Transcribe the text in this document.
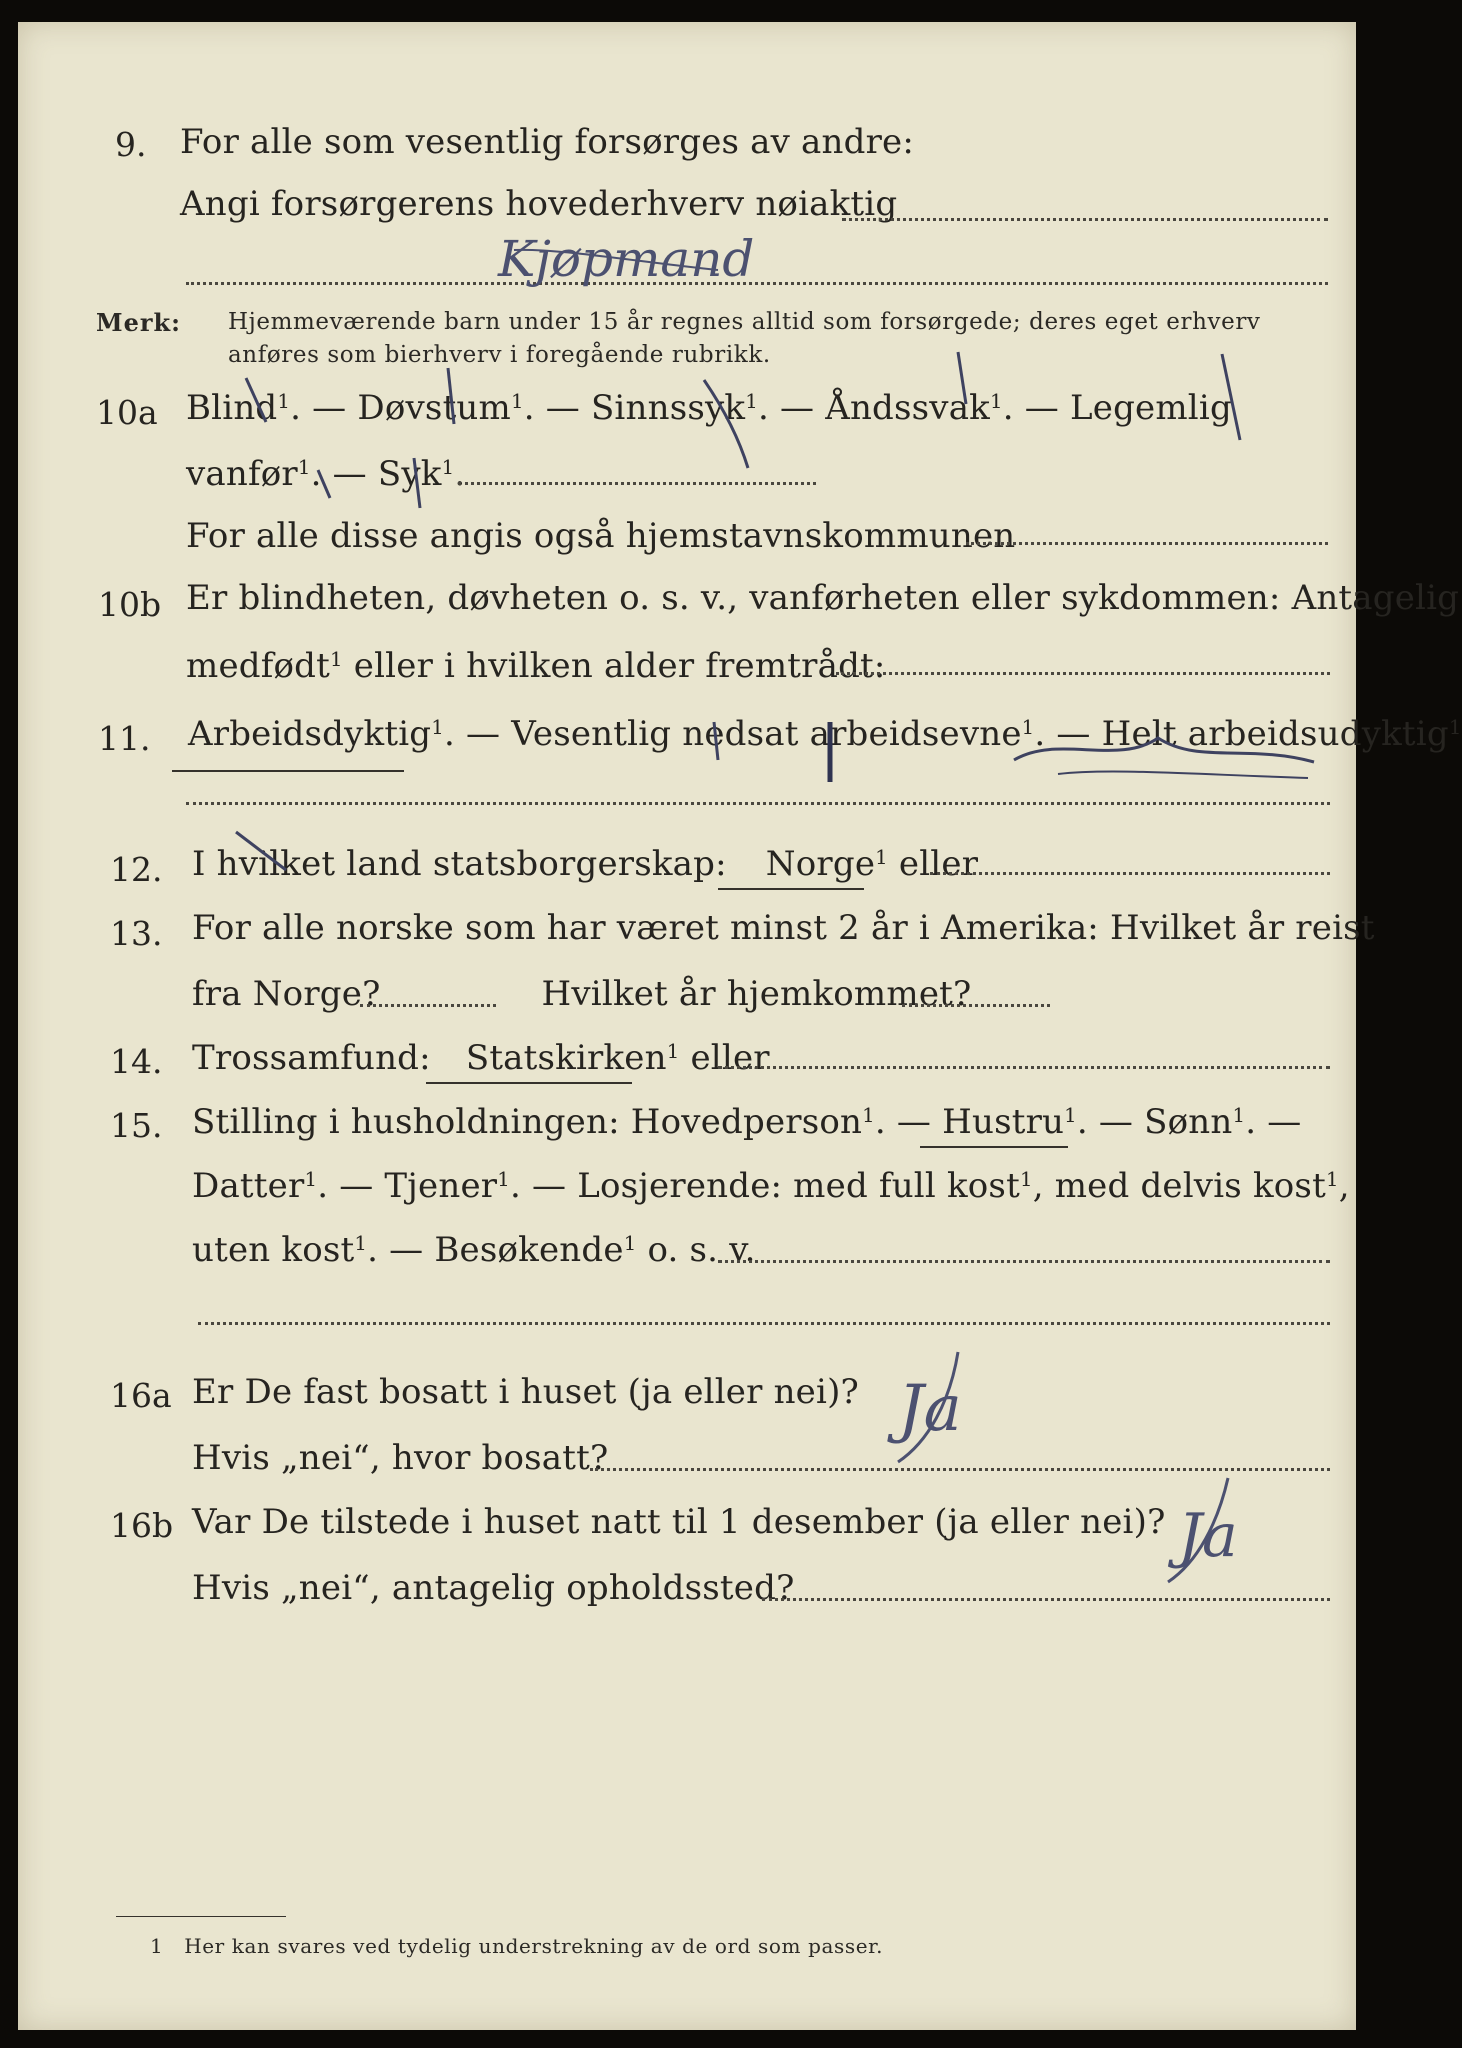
9. For alle som vesentlig forsørges av andre:
Angi forsørgerens hovederhverv nøiaktig
Merk: Hjemmeværende barn under 15 år regnes alltid som forsørgede; deres eget erhverv
anføres som bierhverv i foregående rubrikk.
10a Blind$^1$. — Døvstum$^1$. — Sinnssyk$^1$. — Åndssvak$^1$. — Legemlig
vanfør$^1$. — Syk$^1$.
For alle disse angis også hjemstavnskommunen
10b Er blindheten, døvheten o. s. v., vanførheten eller sykdommen: Antagelig
medfødt$^1$ eller i hvilken alder fremtrådt:
11. Arbeidsdyktig$^1$. — Vesentlig nedsat arbeidsevne$^1$. — Helt arbeidsudyktig$^1$
12. I hvilket land statsborgerskap: Norge$^1$ eller
13. For alle norske som har været minst 2 år i Amerika: Hvilket år reist
fra Norge?	Hvilket år hjemkommet?
14. Trossamfund: Statskirken$^1$ eller
15. Stilling i husholdningen: Hovedperson$^1$. — Hustru$^1$. — Sønn$^1$. —
Datter$^1$. — Tjener$^1$. — Losjerende: med full kost$^1$, med delvis kost$^1$,
uten kost$^1$. — Besøkende$^1$ o. s. v.
16a Er De fast bosatt i huset (ja eller nei)?
Hvis „nei“, hvor bosatt?
16b Var De tilstede i huset natt til 1 desember (ja eller nei)?
Hvis „nei“, antagelig opholdssted?
1 Her kan svares ved tydelig understrekning av de ord som passer.
Kjøpmand
Ja
Ja
